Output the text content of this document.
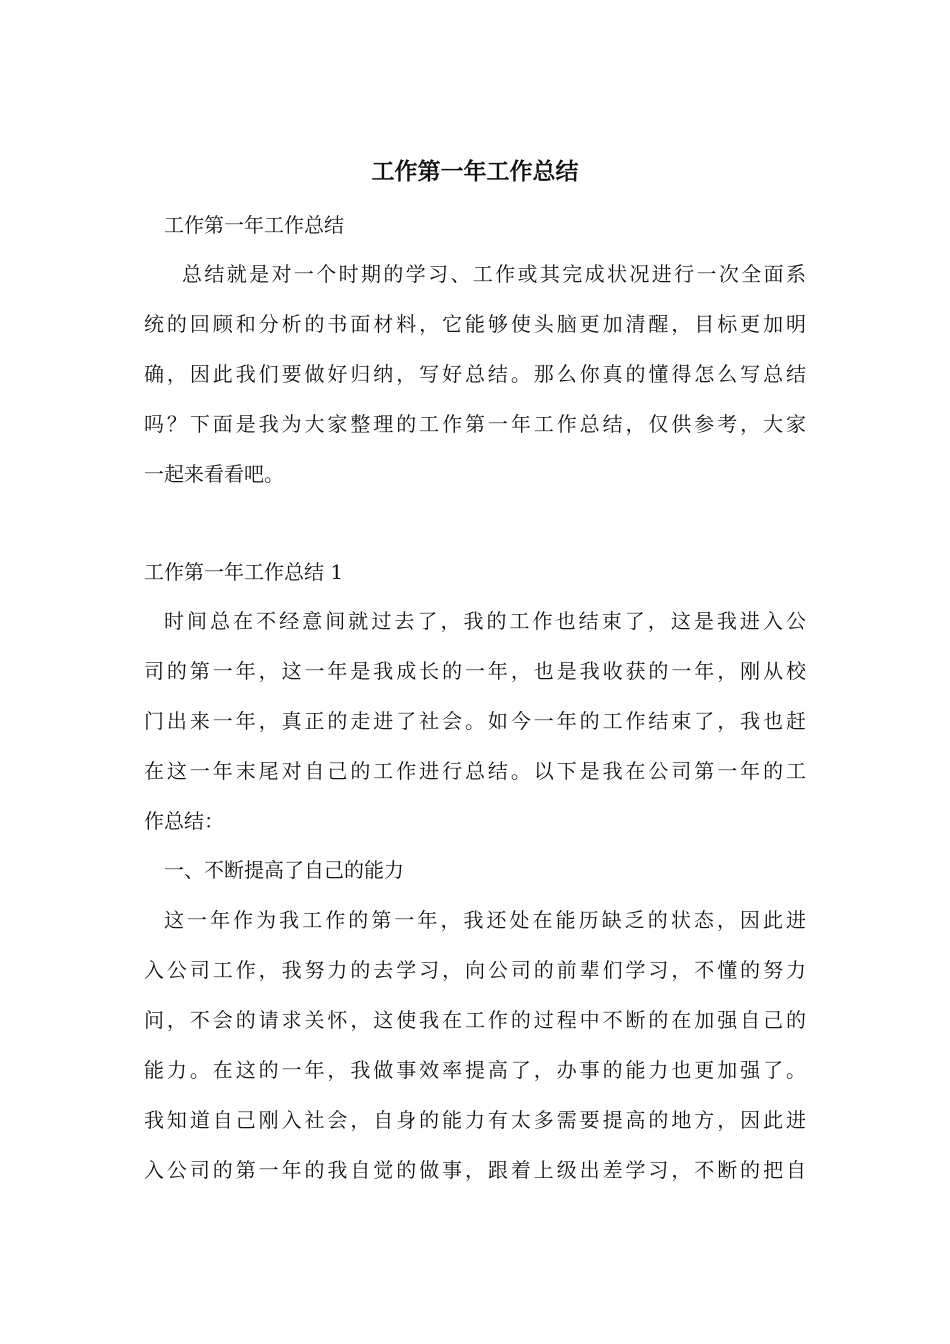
工作第一年工作总结

工作第一年工作总结

总结就是对一个时期的学习、工作或其完成状况进行一次全面系

统的回顾和分析的书面材料，它能够使头脑更加清醒，目标更加明

确，因此我们要做好归纳，写好总结。那么你真的懂得怎么写总结

吗？下面是我为大家整理的工作第一年工作总结，仅供参考，大家

一起来看看吧。

工作第一年工作总结 1

时间总在不经意间就过去了，我的工作也结束了，这是我进入公

司的第一年，这一年是我成长的一年，也是我收获的一年，刚从校

门出来一年，真正的走进了社会。如今一年的工作结束了，我也赶

在这一年末尾对自己的工作进行总结。以下是我在公司第一年的工

作总结：

一、不断提高了自己的能力

这一年作为我工作的第一年，我还处在能历缺乏的状态，因此进

入公司工作，我努力的去学习，向公司的前辈们学习，不懂的努力

问，不会的请求关怀，这使我在工作的过程中不断的在加强自己的

能力。在这的一年，我做事效率提高了，办事的能力也更加强了。

我知道自己刚入社会，自身的能力有太多需要提高的地方，因此进

入公司的第一年的我自觉的做事，跟着上级出差学习，不断的把自
